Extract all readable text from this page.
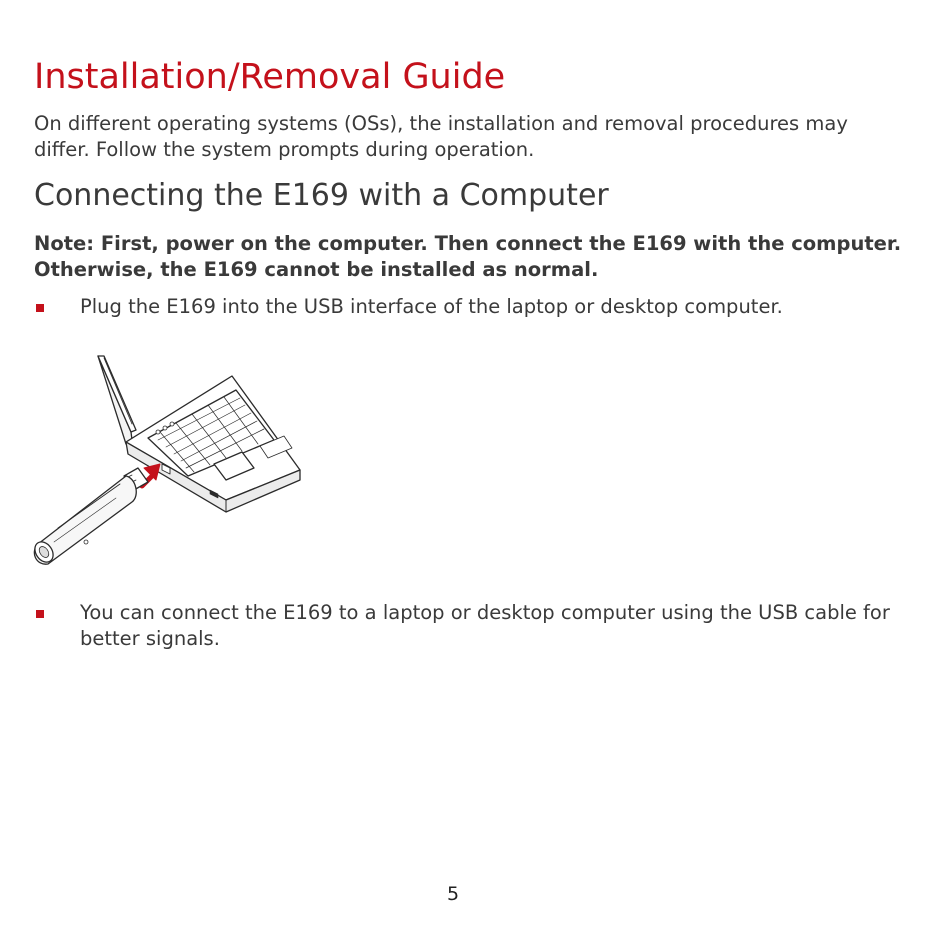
Installation/Removal Guide

On different operating systems (OSs), the installation and removal procedures may differ. Follow the system prompts during operation.

Connecting the E169 with a Computer

Note: First, power on the computer. Then connect the E169 with the computer. Otherwise, the E169 cannot be installed as normal.

Plug the E169 into the USB interface of the laptop or desktop computer.
You can connect the E169 to a laptop or desktop computer using the USB cable for better signals.
5
